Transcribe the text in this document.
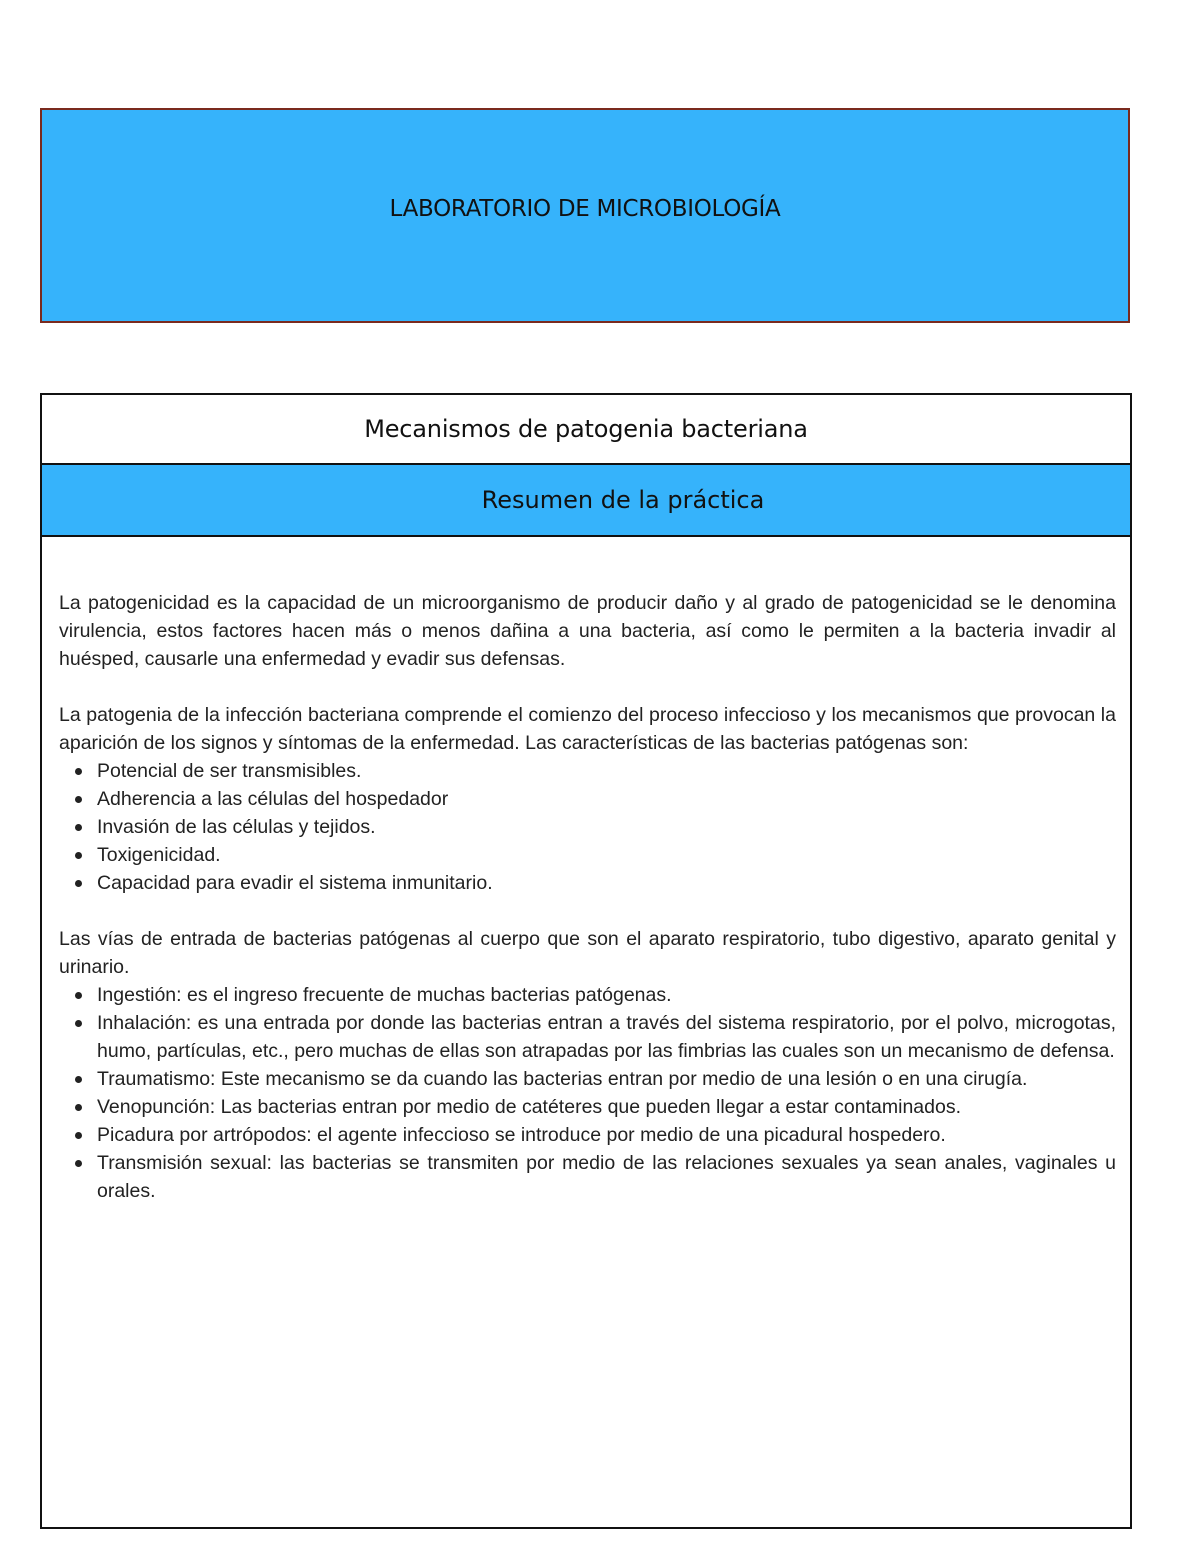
LABORATORIO DE MICROBIOLOGÍA
Mecanismos de patogenia bacteriana
Resumen de la práctica

La patogenicidad es la capacidad de un microorganismo de producir daño y al grado de patogenicidad se le denomina virulencia, estos factores hacen más o menos dañina a una bacteria, así como le permiten a la bacteria invadir al huésped, causarle una enfermedad y evadir sus defensas.

La patogenia de la infección bacteriana comprende el comienzo del proceso infeccioso y los mecanismos que provocan la aparición de los signos y síntomas de la enfermedad. Las características de las bacterias patógenas son:

Potencial de ser transmisibles.
Adherencia a las células del hospedador
Invasión de las células y tejidos.
Toxigenicidad.
Capacidad para evadir el sistema inmunitario.

Las vías de entrada de bacterias patógenas al cuerpo que son el aparato respiratorio, tubo digestivo, aparato genital y urinario.

Ingestión: es el ingreso frecuente de muchas bacterias patógenas.
Inhalación: es una entrada por donde las bacterias entran a través del sistema respiratorio, por el polvo, microgotas, humo, partículas, etc., pero muchas de ellas son atrapadas por las fimbrias las cuales son un mecanismo de defensa.
Traumatismo: Este mecanismo se da cuando las bacterias entran por medio de una lesión o en una cirugía.
Venopunción: Las bacterias entran por medio de catéteres que pueden llegar a estar contaminados.
Picadura por artrópodos: el agente infeccioso se introduce por medio de una picadural hospedero.
Transmisión sexual: las bacterias se transmiten por medio de las relaciones sexuales ya sean anales, vaginales u orales.
